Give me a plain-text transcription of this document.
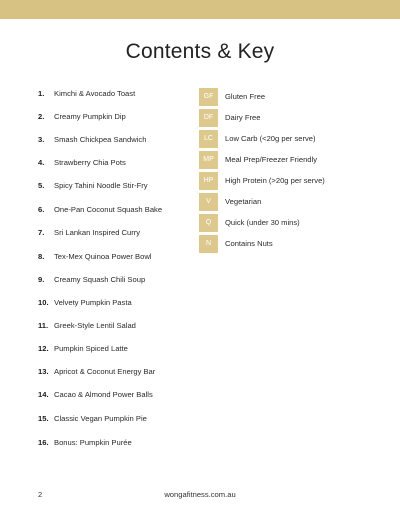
Contents & Key
1. Kimchi & Avocado Toast
2. Creamy Pumpkin Dip
3. Smash Chickpea Sandwich
4. Strawberry Chia Pots
5. Spicy Tahini Noodle Stir-Fry
6. One-Pan Coconut Squash Bake
7. Sri Lankan Inspired Curry
8. Tex-Mex Quinoa Power Bowl
9. Creamy Squash Chili Soup
10. Velvety Pumpkin Pasta
11. Greek-Style Lentil Salad
12. Pumpkin Spiced Latte
13. Apricot & Coconut Energy Bar
14. Cacao & Almond Power Balls
15. Classic Vegan Pumpkin Pie
16. Bonus: Pumpkin Purée
GF	Gluten Free
DF	Dairy Free
LC	Low Carb (<20g per serve)
MP	Meal Prep/Freezer Friendly
HP	High Protein (>20g per serve)
V	Vegetarian
Q	Quick (under 30 mins)
N	Contains Nuts
2	wongafitness.com.au
